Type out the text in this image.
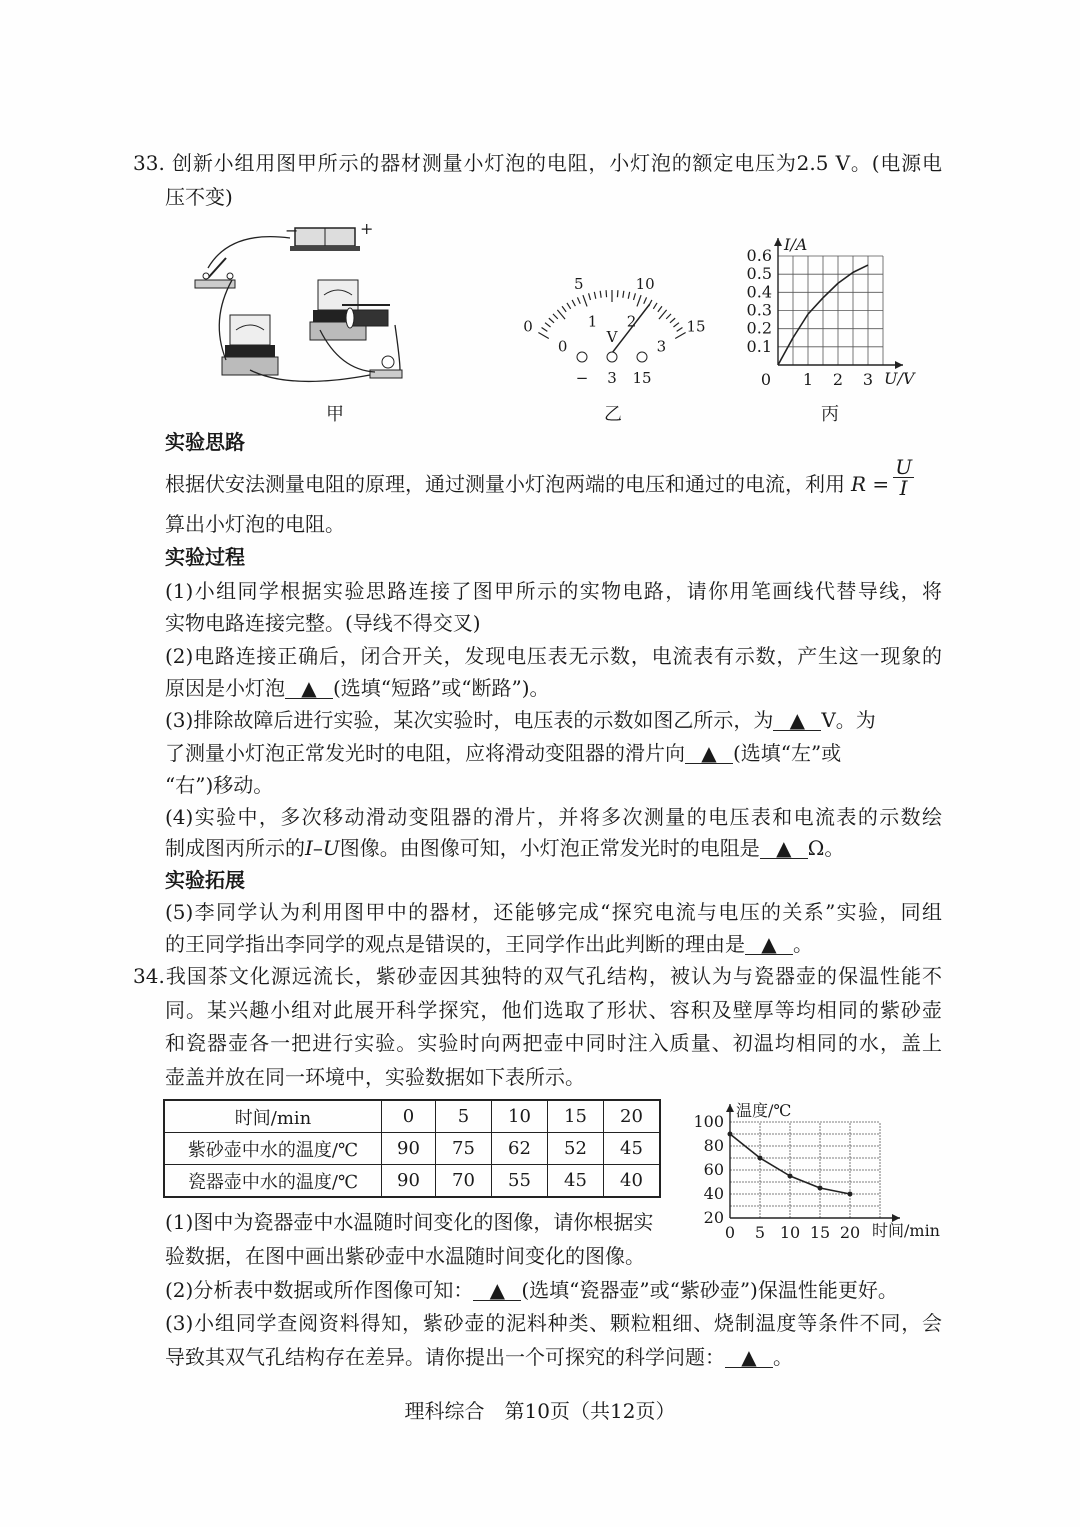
33. 创新小组用图甲所示的器材测量小灯泡的电阻，小灯泡的额定电压为2.5 V。(电源电
压不变)
−	+
甲
0
5	10
15
0
1 2
3
V
− 3 15
乙
1 2 3
0.1
0.2
0.3
0.4
0.5
0.6
0	U/V
I/A
丙
实验思路
根据伏安法测量电阻的原理，通过测量小灯泡两端的电压和通过的电流，利用 $R = \frac{U}{I}$
算出小灯泡的电阻。
实验过程
(1)小组同学根据实验思路连接了图甲所示的实物电路，请你用笔画线代替导线，将
实物电路连接完整。(导线不得交叉)
(2)电路连接正确后，闭合开关，发现电压表无示数，电流表有示数，产生这一现象的
原因是小灯泡 ▲ (选填“短路”或“断路”)。
(3)排除故障后进行实验，某次实验时，电压表的示数如图乙所示，为 ▲ V。为
了测量小灯泡正常发光时的电阻，应将滑动变阻器的滑片向 ▲ (选填“左”或
“右”)移动。
(4)实验中，多次移动滑动变阻器的滑片，并将多次测量的电压表和电流表的示数绘
制成图丙所示的I–U图像。由图像可知，小灯泡正常发光时的电阻是 ▲ Ω。
实验拓展
(5)李同学认为利用图甲中的器材，还能够完成“探究电流与电压的关系”实验，同组
的王同学指出李同学的观点是错误的，王同学作出此判断的理由是 ▲ 。
34.我国茶文化源远流长，紫砂壶因其独特的双气孔结构，被认为与瓷器壶的保温性能不
同。某兴趣小组对此展开科学探究，他们选取了形状、容积及壁厚等均相同的紫砂壶
和瓷器壶各一把进行实验。实验时向两把壶中同时注入质量、初温均相同的水，盖上
壶盖并放在同一环境中，实验数据如下表所示。
时间/min	0	5	10	15	20
紫砂壶中水的温度/℃	90	75	62	52	45
瓷器壶中水的温度/℃	90	70	55	45	40
0 5 10 15 20
20
40
60
80
100
时间/min
温度/℃
(1)图中为瓷器壶中水温随时间变化的图像，请你根据实
验数据，在图中画出紫砂壶中水温随时间变化的图像。
(2)分析表中数据或所作图像可知： ▲ (选填“瓷器壶”或“紫砂壶”)保温性能更好。
(3)小组同学查阅资料得知，紫砂壶的泥料种类、颗粒粗细、烧制温度等条件不同，会
导致其双气孔结构存在差异。请你提出一个可探究的科学问题： ▲ 。
理科综合　第10页（共12页）
